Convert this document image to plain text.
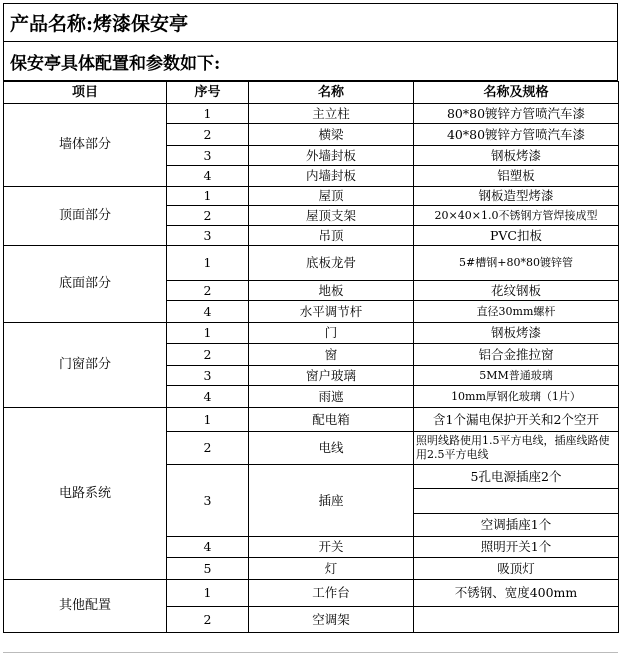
产品名称:烤漆保安亭
保安亭具体配置和参数如下:
项目	序号	名称	名称及规格
墙体部分	1	主立柱	80*80镀锌方管喷汽车漆
	2	横梁	40*80镀锌方管喷汽车漆
	3	外墙封板	钢板烤漆
	4	内墙封板	铝塑板
顶面部分	1	屋顶	钢板造型烤漆
	2	屋顶支架	20×40×1.0不锈钢方管焊接成型
	3	吊顶	PVC扣板
底面部分	1	底板龙骨	5#槽钢+80*80镀锌管
	2	地板	花纹钢板
	4	水平调节杆	直径30mm螺杆
门窗部分	1	门	钢板烤漆
	2	窗	铝合金推拉窗
	3	窗户玻璃	5MM普通玻璃
	4	雨遮	10mm厚钢化玻璃（1片）
电路系统	1	配电箱	含1个漏电保护开关和2个空开
	2	电线	照明线路使用1.5平方电线，插座线路使用2.5平方电线
	3	插座	5孔电源插座2个

			空调插座1个
	4	开关	照明开关1个
	5	灯	吸顶灯
其他配置	1	工作台	不锈钢、宽度400mm
	2	空调架	
